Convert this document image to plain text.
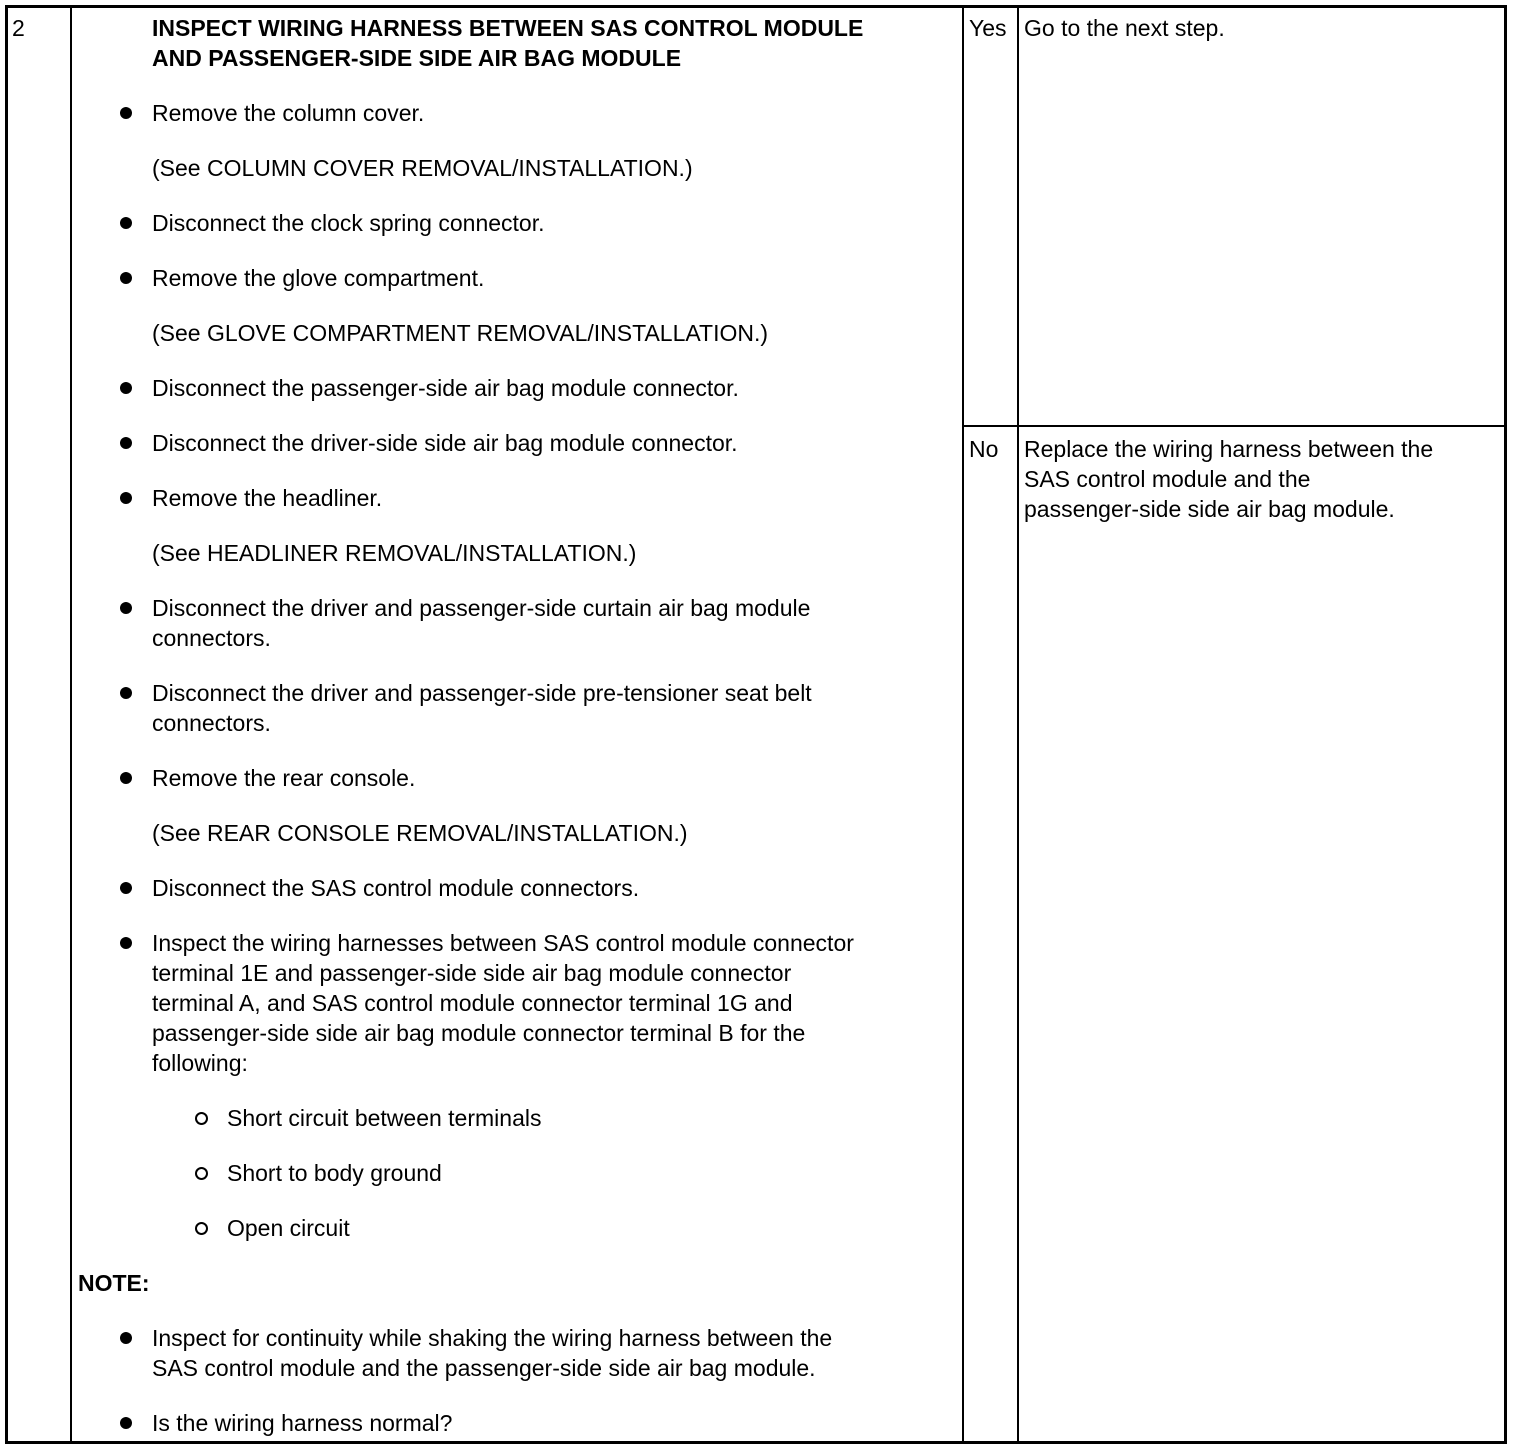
2	INSPECT WIRING HARNESS BETWEEN SAS CONTROL MODULE
AND PASSENGER-SIDE SIDE AIR BAG MODULE
Remove the column cover.
(See COLUMN COVER REMOVAL/INSTALLATION.)
Disconnect the clock spring connector.
Remove the glove compartment.
(See GLOVE COMPARTMENT REMOVAL/INSTALLATION.)
Disconnect the passenger-side air bag module connector.
Disconnect the driver-side side air bag module connector.
Remove the headliner.
(See HEADLINER REMOVAL/INSTALLATION.)
Disconnect the driver and passenger-side curtain air bag module
connectors.
Disconnect the driver and passenger-side pre-tensioner seat belt
connectors.
Remove the rear console.
(See REAR CONSOLE REMOVAL/INSTALLATION.)
Disconnect the SAS control module connectors.
Inspect the wiring harnesses between SAS control module connector
terminal 1E and passenger-side side air bag module connector
terminal A, and SAS control module connector terminal 1G and
passenger-side side air bag module connector terminal B for the
following:
Short circuit between terminals
Short to body ground
Open circuit
NOTE:
Inspect for continuity while shaking the wiring harness between the
SAS control module and the passenger-side side air bag module.
Is the wiring harness normal?
Yes Go to the next step.
No Replace the wiring harness between the
SAS control module and the
passenger-side side air bag module.
